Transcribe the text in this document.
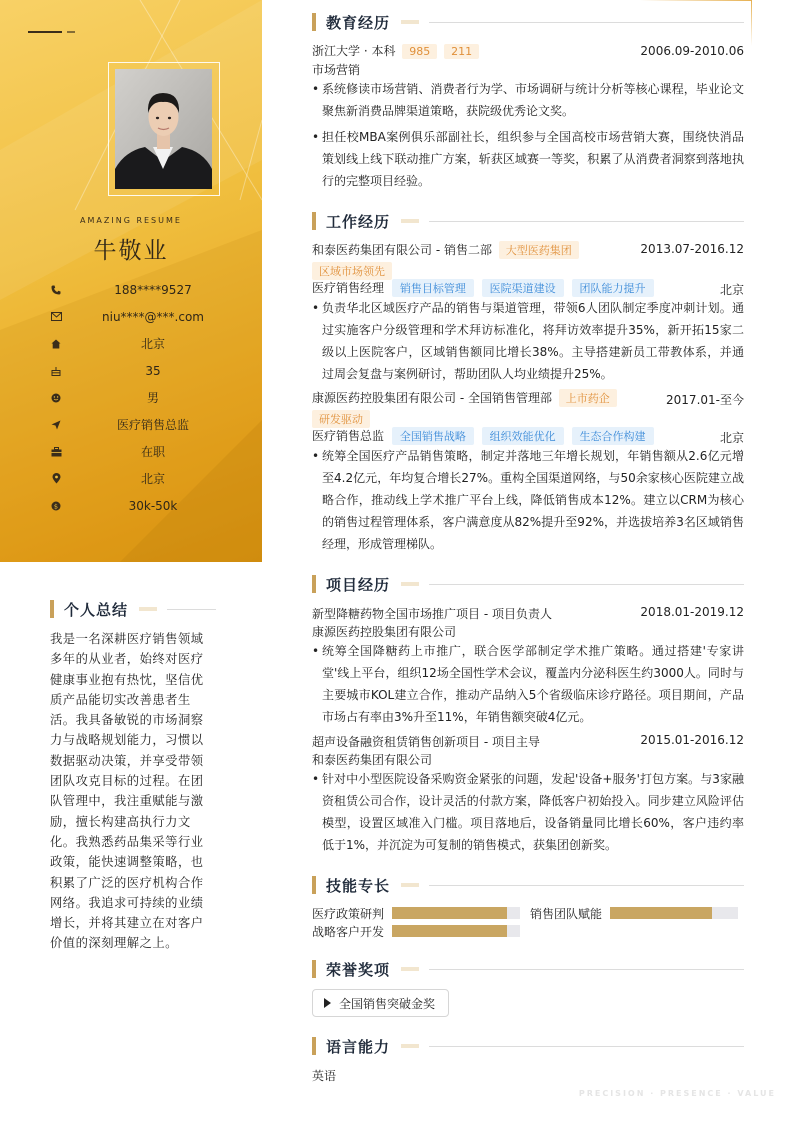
AMAZING RESUME
牛敬业
188****9527
niu****@***.com
北京
35
男
医疗销售总监
在职
北京
$	30k-50k
个人总结
我是一名深耕医疗销售领域多年的从业者，始终对医疗健康事业抱有热忱，坚信优质产品能切实改善患者生活。我具备敏锐的市场洞察力与战略规划能力，习惯以数据驱动决策，并享受带领团队攻克目标的过程。在团队管理中，我注重赋能与激励，擅长构建高执行力文化。我熟悉药品集采等行业政策，能快速调整策略，也积累了广泛的医疗机构合作网络。我追求可持续的业绩增长，并将其建立在对客户价值的深刻理解之上。
教育经历
浙江大学 · 本科 985 211	2006.09-2010.06
市场营销
• 系统修读市场营销、消费者行为学、市场调研与统计分析等核心课程，毕业论文聚焦新消费品牌渠道策略，获院级优秀论文奖。
• 担任校MBA案例俱乐部副社长，组织参与全国高校市场营销大赛，围绕快消品策划线上线下联动推广方案，斩获区域赛一等奖，积累了从消费者洞察到落地执行的完整项目经验。
工作经历
和泰医药集团有限公司 - 销售二部 大型医药集团	2013.07-2016.12
区域市场领先
医疗销售经理 销售目标管理 医院渠道建设 团队能力提升	北京
• 负责华北区域医疗产品的销售与渠道管理，带领6人团队制定季度冲刺计划。通过实施客户分级管理和学术拜访标准化，将拜访效率提升35%，新开拓15家二级以上医院客户，区域销售额同比增长38%。主导搭建新员工带教体系，并通过周会复盘与案例研讨，帮助团队人均业绩提升25%。
康源医药控股集团有限公司 - 全国销售管理部 上市药企	2017.01-至今
研发驱动
医疗销售总监 全国销售战略 组织效能优化 生态合作构建	北京
• 统筹全国医疗产品销售策略，制定并落地三年增长规划，年销售额从2.6亿元增至4.2亿元，年均复合增长27%。重构全国渠道网络，与50余家核心医院建立战略合作，推动线上学术推广平台上线，降低销售成本12%。建立以CRM为核心的销售过程管理体系，客户满意度从82%提升至92%，并选拔培养3名区域销售经理，形成管理梯队。
项目经历
新型降糖药物全国市场推广项目 - 项目负责人	2018.01-2019.12
康源医药控股集团有限公司
• 统筹全国降糖药上市推广，联合医学部制定学术推广策略。通过搭建'专家讲堂'线上平台，组织12场全国性学术会议，覆盖内分泌科医生约3000人。同时与主要城市KOL建立合作，推动产品纳入5个省级临床诊疗路径。项目期间，产品市场占有率由3%升至11%，年销售额突破4亿元。
超声设备融资租赁销售创新项目 - 项目主导	2015.01-2016.12
和泰医药集团有限公司
• 针对中小型医院设备采购资金紧张的问题，发起'设备+服务'打包方案。与3家融资租赁公司合作，设计灵活的付款方案，降低客户初始投入。同步建立风险评估模型，设置区域准入门槛。项目落地后，设备销量同比增长60%，客户违约率低于1%，并沉淀为可复制的销售模式，获集团创新奖。
技能专长
医疗政策研判	销售团队赋能
战略客户开发
荣誉奖项
全国销售突破金奖
语言能力
英语
PRECISION · PRESENCE · VALUE
